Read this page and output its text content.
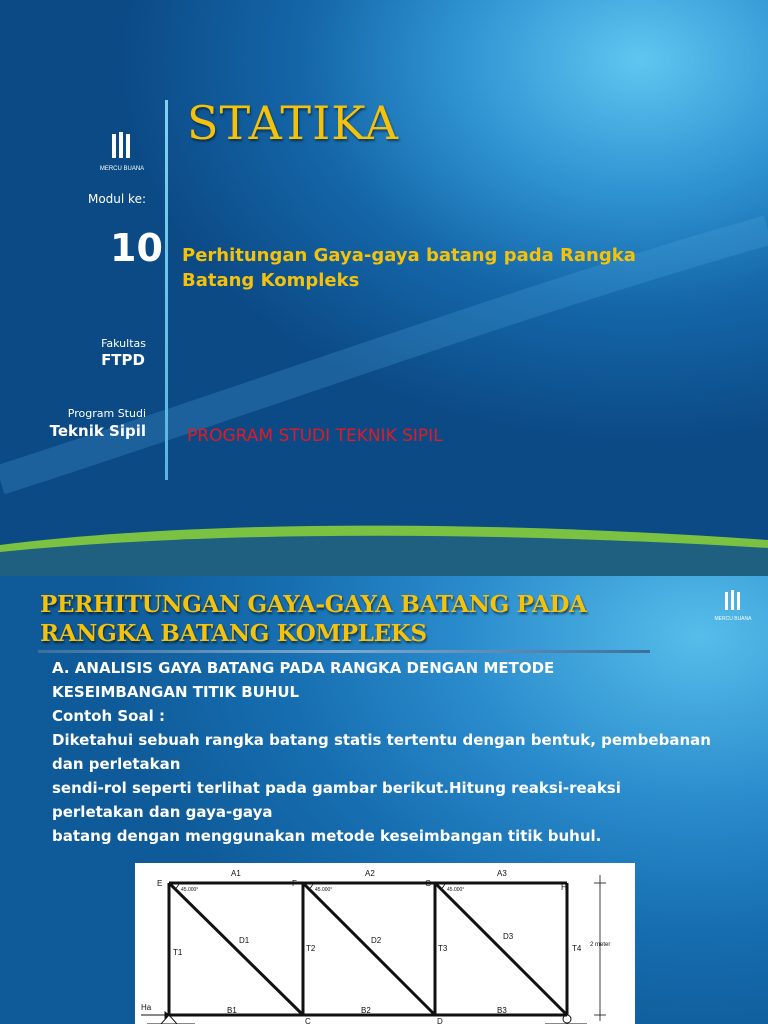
MERCU BUANA
STATIKA
Modul ke:
10 Perhitungan Gaya-gaya batang pada Rangka Batang Kompleks
Fakultas
FTPD
Program Studi
Teknik Sipil PROGRAM STUDI TEKNIK SIPIL
PERHITUNGAN GAYA-GAYA BATANG PADA RANGKA BATANG KOMPLEKS
MERCU BUANA

A. ANALISIS GAYA BATANG PADA RANGKA DENGAN METODE

KESEIMBANGAN TITIK BUHUL

Contoh Soal :

Diketahui sebuah rangka batang statis tertentu dengan bentuk, pembebanan dan perletakan

sendi-rol seperti terlihat pada gambar berikut.Hitung reaksi-reaksi perletakan dan gaya-gaya

batang dengan menggunakan metode keseimbangan titik buhul.

45.000°	45.000°	45.000°
E	F	G	H
C	D
A1	A2	A3
B1	B2	B3
T1	T2	T3	T4
D1	D2	D3
2 meter
Ha
